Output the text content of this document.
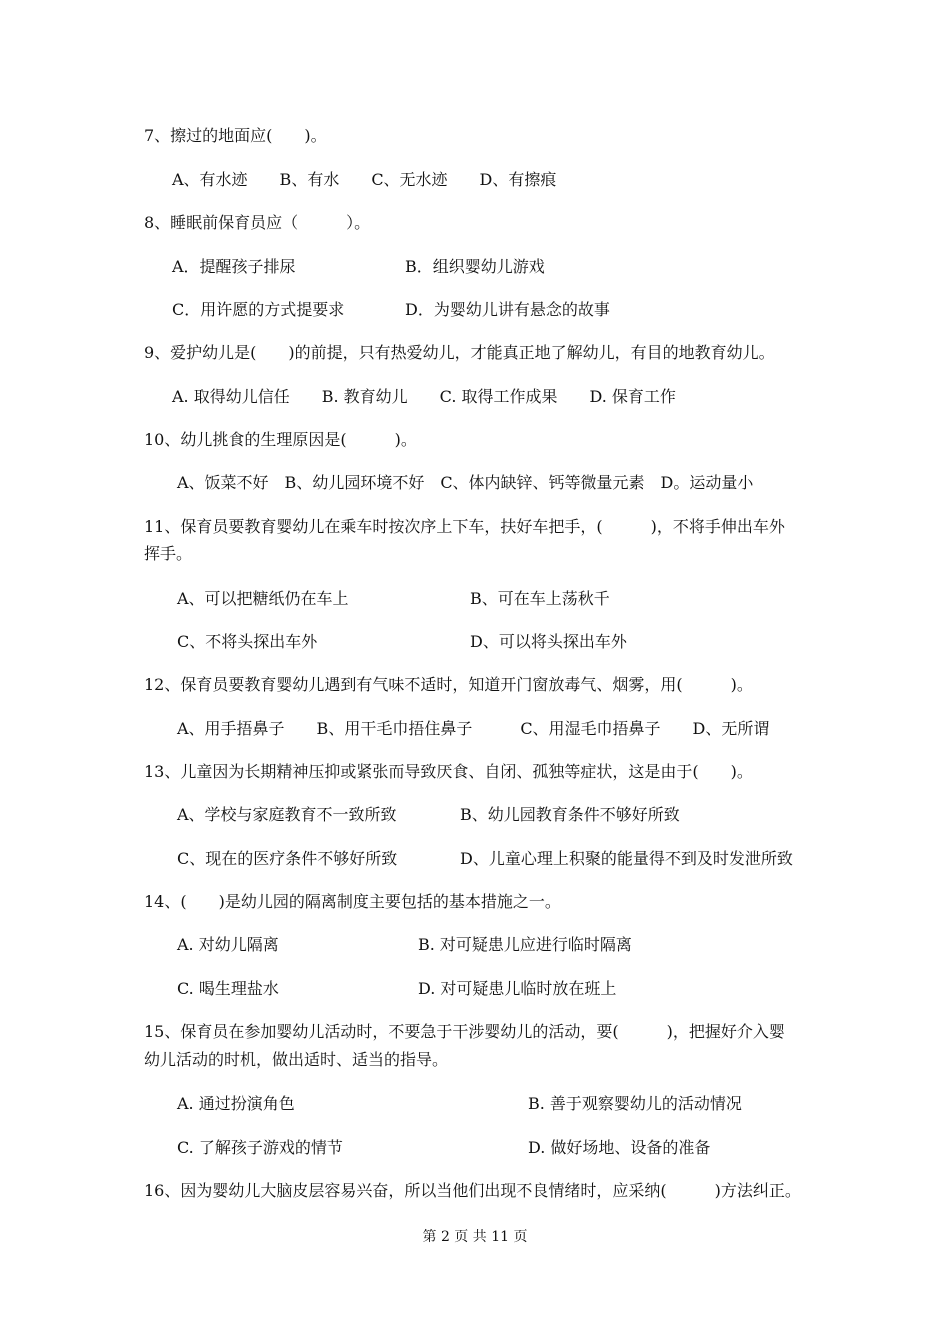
7、擦过的地面应(　　)。
A、有水迹　　B、有水　　C、无水迹　　D、有擦痕
8、睡眠前保育员应（　　　）。
A．提醒孩子排尿	B．组织婴幼儿游戏
C．用许愿的方式提要求	D．为婴幼儿讲有悬念的故事
9、爱护幼儿是(　　)的前提，只有热爱幼儿，才能真正地了解幼儿，有目的地教育幼儿。
A. 取得幼儿信任　　B. 教育幼儿　　C. 取得工作成果　　D. 保育工作
10、幼儿挑食的生理原因是(　　　)。
A、饭菜不好　B、幼儿园环境不好　C、体内缺锌、钙等微量元素　D。运动量小
11、保育员要教育婴幼儿在乘车时按次序上下车，扶好车把手，(　　　)，不将手伸出车外
挥手。
A、可以把糖纸仍在车上	B、可在车上荡秋千
C、不将头探出车外	D、可以将头探出车外
12、保育员要教育婴幼儿遇到有气味不适时，知道开门窗放毒气、烟雾，用(　　　)。
A、用手捂鼻子　　B、用干毛巾捂住鼻子　　　C、用湿毛巾捂鼻子　　D、无所谓
13、儿童因为长期精神压抑或紧张而导致厌食、自闭、孤独等症状，这是由于(　　)。
A、学校与家庭教育不一致所致	B、幼儿园教育条件不够好所致
C、现在的医疗条件不够好所致	D、儿童心理上积聚的能量得不到及时发泄所致
14、(　　)是幼儿园的隔离制度主要包括的基本措施之一。
A. 对幼儿隔离	B. 对可疑患儿应进行临时隔离
C. 喝生理盐水	D. 对可疑患儿临时放在班上
15、保育员在参加婴幼儿活动时，不要急于干涉婴幼儿的活动，要(　　　)，把握好介入婴
幼儿活动的时机，做出适时、适当的指导。
A. 通过扮演角色	B. 善于观察婴幼儿的活动情况
C. 了解孩子游戏的情节	D. 做好场地、设备的准备
16、因为婴幼儿大脑皮层容易兴奋，所以当他们出现不良情绪时，应采纳(　　　)方法纠正。
第 2 页 共 11 页
